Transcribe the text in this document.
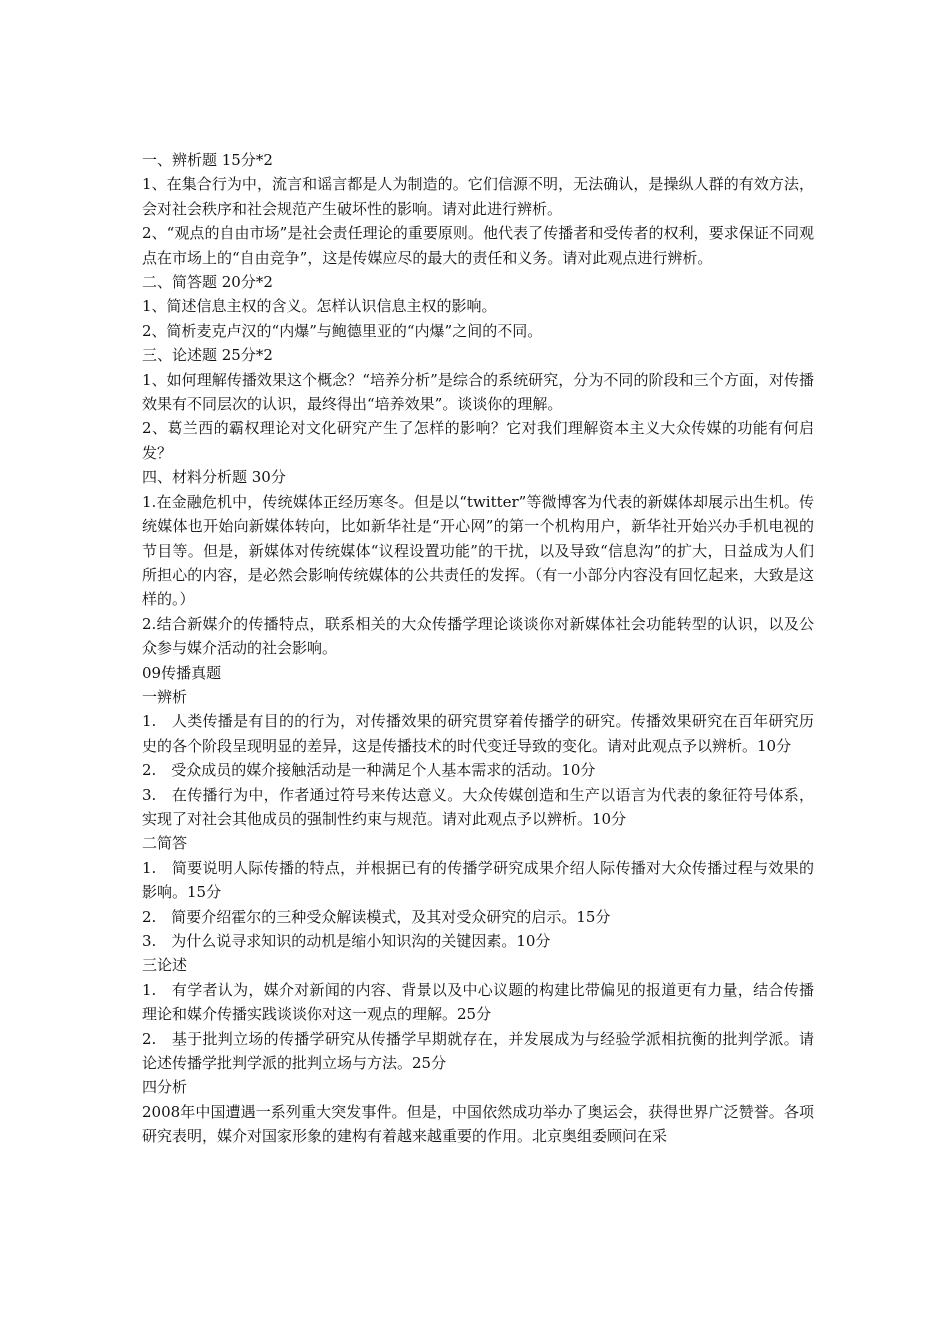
一、辨析题 15分*2

1、在集合行为中，流言和谣言都是人为制造的。它们信源不明，无法确认，是操纵人群的有效方法，会对社会秩序和社会规范产生破坏性的影响。请对此进行辨析。

2、“观点的自由市场”是社会责任理论的重要原则。他代表了传播者和受传者的权利，要求保证不同观点在市场上的“自由竞争”，这是传媒应尽的最大的责任和义务。请对此观点进行辨析。

二、简答题 20分*2

1、简述信息主权的含义。怎样认识信息主权的影响。

2、简析麦克卢汉的“内爆”与鲍德里亚的“内爆”之间的不同。

三、论述题 25分*2

1、如何理解传播效果这个概念？“培养分析”是综合的系统研究，分为不同的阶段和三个方面，对传播效果有不同层次的认识，最终得出“培养效果”。谈谈你的理解。

2、葛兰西的霸权理论对文化研究产生了怎样的影响？它对我们理解资本主义大众传媒的功能有何启发？

四、材料分析题 30分

1.在金融危机中，传统媒体正经历寒冬。但是以“twitter”等微博客为代表的新媒体却展示出生机。传统媒体也开始向新媒体转向，比如新华社是“开心网”的第一个机构用户，新华社开始兴办手机电视的节目等。但是，新媒体对传统媒体“议程设置功能”的干扰，以及导致“信息沟”的扩大，日益成为人们所担心的内容，是必然会影响传统媒体的公共责任的发挥。（有一小部分内容没有回忆起来，大致是这样的。）

2.结合新媒介的传播特点，联系相关的大众传播学理论谈谈你对新媒体社会功能转型的认识，以及公众参与媒介活动的社会影响。

09传播真题

一辨析

1.　人类传播是有目的的行为，对传播效果的研究贯穿着传播学的研究。传播效果研究在百年研究历史的各个阶段呈现明显的差异，这是传播技术的时代变迁导致的变化。请对此观点予以辨析。10分

2.　受众成员的媒介接触活动是一种满足个人基本需求的活动。10分

3.　在传播行为中，作者通过符号来传达意义。大众传媒创造和生产以语言为代表的象征符号体系，实现了对社会其他成员的强制性约束与规范。请对此观点予以辨析。10分

二简答

1.　简要说明人际传播的特点，并根据已有的传播学研究成果介绍人际传播对大众传播过程与效果的影响。15分

2.　简要介绍霍尔的三种受众解读模式，及其对受众研究的启示。15分

3.　为什么说寻求知识的动机是缩小知识沟的关键因素。10分

三论述

1.　有学者认为，媒介对新闻的内容、背景以及中心议题的构建比带偏见的报道更有力量，结合传播理论和媒介传播实践谈谈你对这一观点的理解。25分

2.　基于批判立场的传播学研究从传播学早期就存在，并发展成为与经验学派相抗衡的批判学派。请论述传播学批判学派的批判立场与方法。25分

四分析

2008年中国遭遇一系列重大突发事件。但是，中国依然成功举办了奥运会，获得世界广泛赞誉。各项研究表明，媒介对国家形象的建构有着越来越重要的作用。北京奥组委顾问在采
